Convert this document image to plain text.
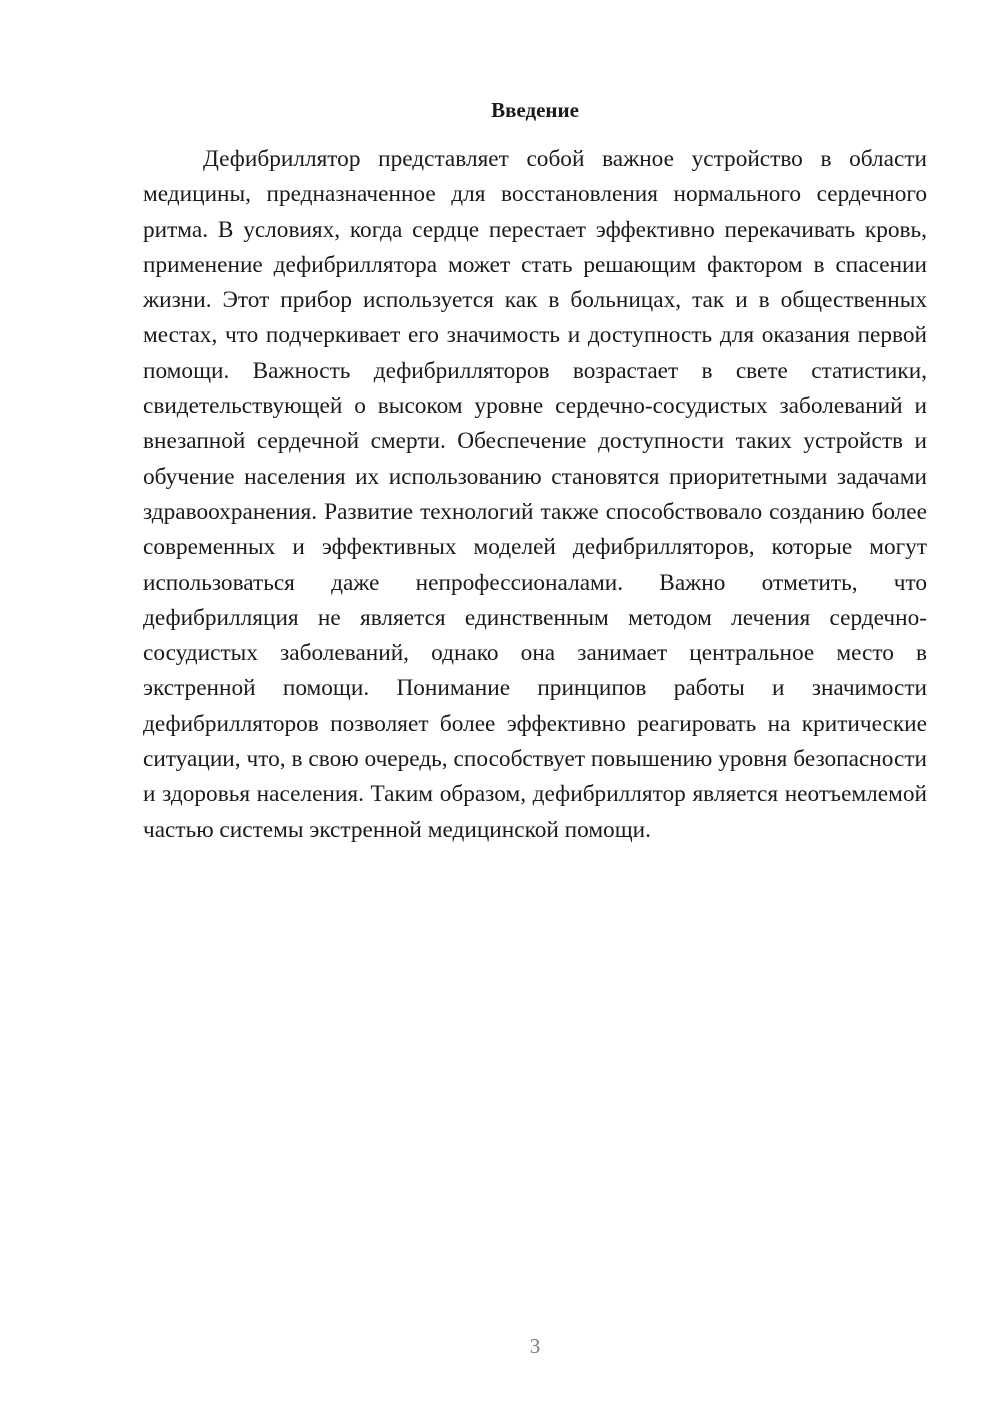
Введение

Дефибриллятор представляет собой важное устройство в области медицины, предназначенное для восстановления нормального сердечного ритма. В условиях, когда сердце перестает эффективно перекачивать кровь, применение дефибриллятора может стать решающим фактором в спасении жизни. Этот прибор используется как в больницах, так и в общественных местах, что подчеркивает его значимость и доступность для оказания первой помощи. Важность дефибрилляторов возрастает в свете статистики, свидетельствующей о высоком уровне сердечно-сосудистых заболеваний и внезапной сердечной смерти. Обеспечение доступности таких устройств и обучение населения их использованию становятся приоритетными задачами здравоохранения. Развитие технологий также способствовало созданию более современных и эффективных моделей дефибрилляторов, которые могут использоваться даже непрофессионалами. Важно отметить, что дефибрилляция не является единственным методом лечения сердечно-сосудистых заболеваний, однако она занимает центральное место в экстренной помощи. Понимание принципов работы и значимости дефибрилляторов позволяет более эффективно реагировать на критические ситуации, что, в свою очередь, способствует повышению уровня безопасности и здоровья населения. Таким образом, дефибриллятор является неотъемлемой частью системы экстренной медицинской помощи.

3
